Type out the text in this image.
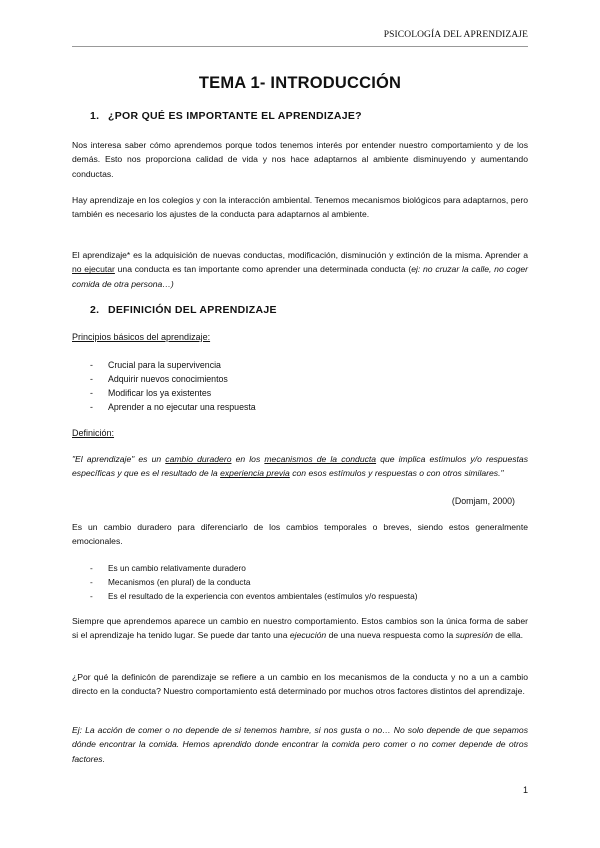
PSICOLOGÍA DEL APRENDIZAJE
TEMA 1- INTRODUCCIÓN
1. ¿POR QUÉ ES IMPORTANTE EL APRENDIZAJE?
Nos interesa saber cómo aprendemos porque todos tenemos interés por entender nuestro comportamiento y de los demás. Esto nos proporciona calidad de vida y nos hace adaptarnos al ambiente disminuyendo y aumentando conductas.
Hay aprendizaje en los colegios y con la interacción ambiental. Tenemos mecanismos biológicos para adaptarnos, pero también es necesario los ajustes de la conducta para adaptarnos al ambiente.
El aprendizaje* es la adquisición de nuevas conductas, modificación, disminución y extinción de la misma. Aprender a no ejecutar una conducta es tan importante como aprender una determinada conducta (ej: no cruzar la calle, no coger comida de otra persona…)
2. DEFINICIÓN DEL APRENDIZAJE
Principios básicos del aprendizaje:
- Crucial para la supervivencia
- Adquirir nuevos conocimientos
- Modificar los ya existentes
- Aprender a no ejecutar una respuesta
Definición:
"El aprendizaje" es un cambio duradero en los mecanismos de la conducta que implica estímulos y/o respuestas específicas y que es el resultado de la experiencia previa con esos estímulos y respuestas o con otros similares."
(Domjam, 2000)
Es un cambio duradero para diferenciarlo de los cambios temporales o breves, siendo estos generalmente emocionales.
- Es un cambio relativamente duradero
- Mecanismos (en plural) de la conducta
- Es el resultado de la experiencia con eventos ambientales (estímulos y/o respuesta)
Siempre que aprendemos aparece un cambio en nuestro comportamiento. Estos cambios son la única forma de saber si el aprendizaje ha tenido lugar. Se puede dar tanto una ejecución de una nueva respuesta como la supresión de ella.
¿Por qué la definicón de parendizaje se refiere a un cambio en los mecanismos de la conducta y no a un a cambio directo en la conducta? Nuestro comportamiento está determinado por muchos otros factores distintos del aprendizaje.
Ej: La acción de comer o no depende de si tenemos hambre, si nos gusta o no… No solo depende de que sepamos dónde encontrar la comida. Hemos aprendido donde encontrar la comida pero comer o no comer depende de otros factores.
1
